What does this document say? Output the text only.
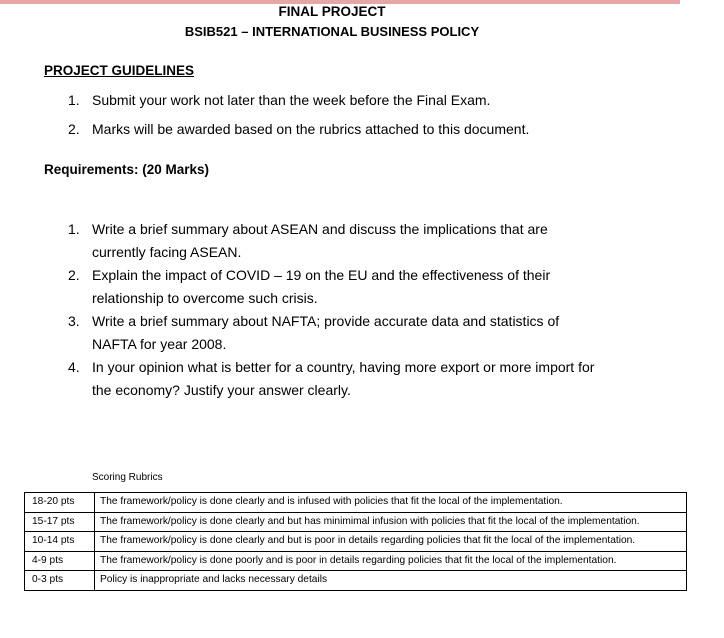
FINAL PROJECT
BSIB521 – INTERNATIONAL BUSINESS POLICY
PROJECT GUIDELINES
1. Submit your work not later than the week before the Final Exam.
2. Marks will be awarded based on the rubrics attached to this document.
Requirements: (20 Marks)
1. Write a brief summary about ASEAN and discuss the implications that are currently facing ASEAN.
2. Explain the impact of COVID – 19 on the EU and the effectiveness of their relationship to overcome such crisis.
3. Write a brief summary about NAFTA; provide accurate data and statistics of NAFTA for year 2008.
4. In your opinion what is better for a country, having more export or more import for the economy? Justify your answer clearly.
Scoring Rubrics
18-20 pts	The framework/policy is done clearly and is infused with policies that fit the local of the implementation.
15-17 pts	The framework/policy is done clearly and but has minimimal infusion with policies that fit the local of the implementation.
10-14 pts	The framework/policy is done clearly and but is poor in details regarding policies that fit the local of the implementation.
4-9 pts	The framework/policy is done poorly and is poor in details regarding policies that fit the local of the implementation.
0-3 pts	Policy is inappropriate and lacks necessary details
